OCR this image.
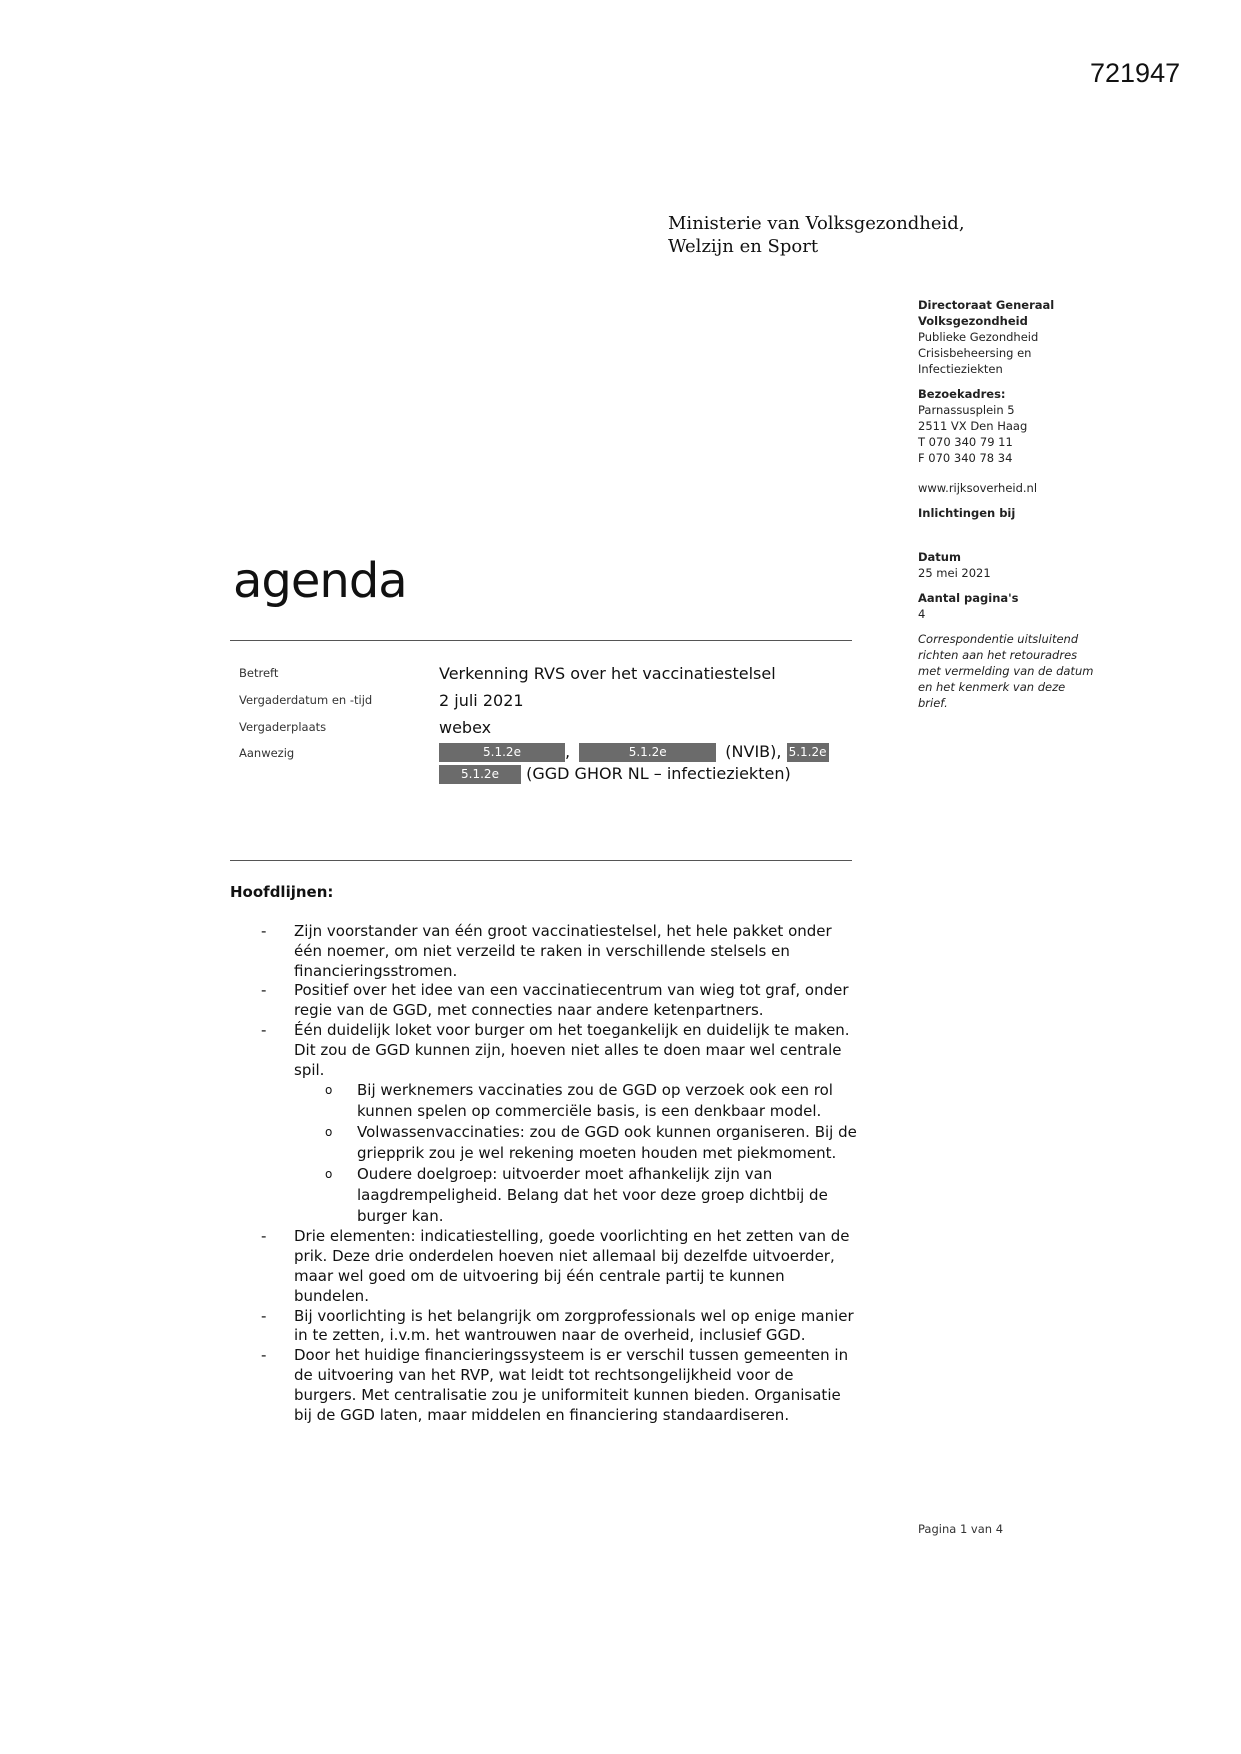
721947
Ministerie van Volksgezondheid,
Welzijn en Sport
Directoraat Generaal
Volksgezondheid
Publieke Gezondheid
Crisisbeheersing en
Infectieziekten
Bezoekadres:
Parnassusplein 5
2511 VX Den Haag
T 070 340 79 11
F 070 340 78 34
www.rijksoverheid.nl
Inlichtingen bij
Datum
25 mei 2021
Aantal pagina's
4
Correspondentie uitsluitend
richten aan het retouradres
met vermelding van de datum
en het kenmerk van deze
brief.
agenda
Betreft	Verkenning RVS over het vaccinatiestelsel
Vergaderdatum en -tijd	2 juli 2021
Vergaderplaats	webex
Aanwezig	5.1.2e	,	5.1.2e	(NVIB), 5.1.2e
5.1.2e (GGD GHOR NL – infectieziekten)
Hoofdlijnen:
- Zijn voorstander van één groot vaccinatiestelsel, het hele pakket onder
één noemer, om niet verzeild te raken in verschillende stelsels en
financieringsstromen.
- Positief over het idee van een vaccinatiecentrum van wieg tot graf, onder
regie van de GGD, met connecties naar andere ketenpartners.
- Één duidelijk loket voor burger om het toegankelijk en duidelijk te maken.
Dit zou de GGD kunnen zijn, hoeven niet alles te doen maar wel centrale
spil.
o Bij werknemers vaccinaties zou de GGD op verzoek ook een rol
kunnen spelen op commerciële basis, is een denkbaar model.
o Volwassenvaccinaties: zou de GGD ook kunnen organiseren. Bij de
griepprik zou je wel rekening moeten houden met piekmoment.
o Oudere doelgroep: uitvoerder moet afhankelijk zijn van
laagdrempeligheid. Belang dat het voor deze groep dichtbij de
burger kan.
- Drie elementen: indicatiestelling, goede voorlichting en het zetten van de
prik. Deze drie onderdelen hoeven niet allemaal bij dezelfde uitvoerder,
maar wel goed om de uitvoering bij één centrale partij te kunnen
bundelen.
- Bij voorlichting is het belangrijk om zorgprofessionals wel op enige manier
in te zetten, i.v.m. het wantrouwen naar de overheid, inclusief GGD.
- Door het huidige financieringssysteem is er verschil tussen gemeenten in
de uitvoering van het RVP, wat leidt tot rechtsongelijkheid voor de
burgers. Met centralisatie zou je uniformiteit kunnen bieden. Organisatie
bij de GGD laten, maar middelen en financiering standaardiseren.
Pagina 1 van 4
